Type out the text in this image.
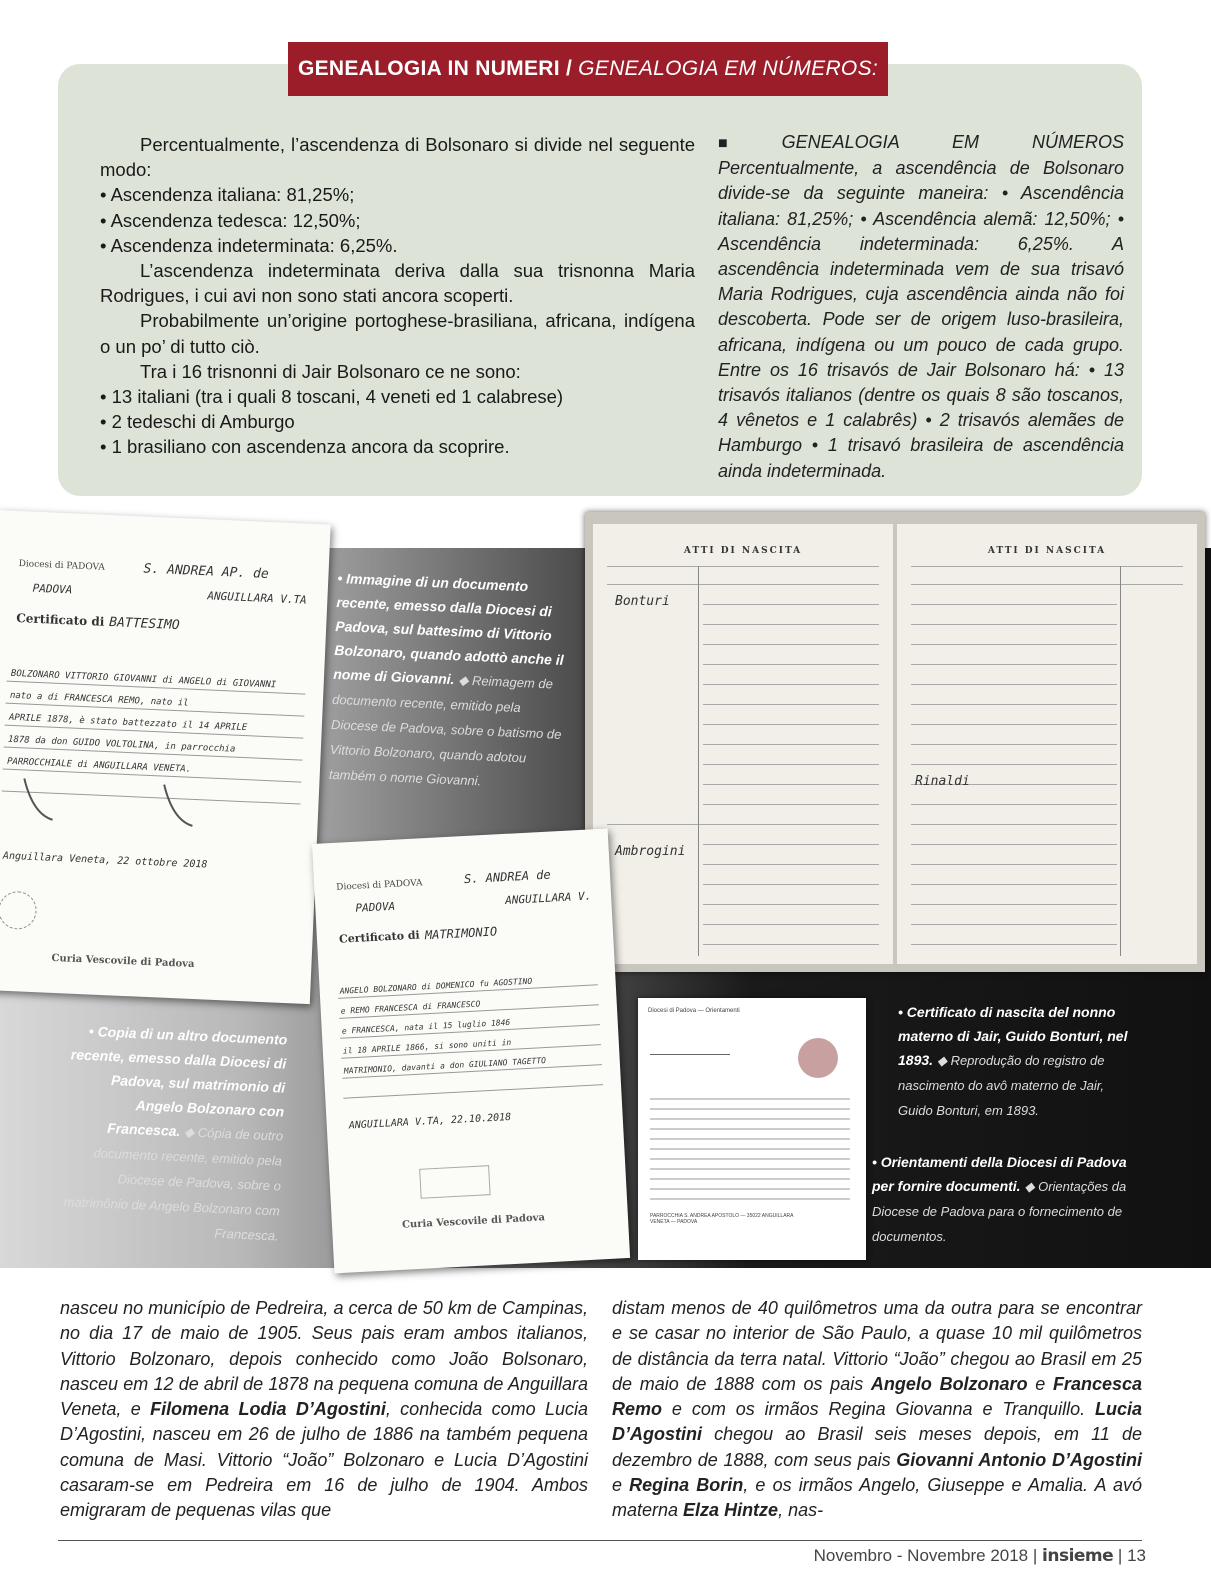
GENEALOGIA IN NUMERI / GENEALOGIA EM NÚMEROS:

Percentualmente, l’ascendenza di Bolsonaro si divide nel seguente modo:

• Ascendenza italiana: 81,25%;

• Ascendenza tedesca: 12,50%;

• Ascendenza indeterminata: 6,25%.

L’ascendenza indeterminata deriva dalla sua trisnonna Maria Rodrigues, i cui avi non sono stati ancora scoperti.

Probabilmente un’origine portoghese-brasiliana, africana, indígena o un po’ di tutto ciò.

Tra i 16 trisnonni di Jair Bolsonaro ce ne sono:

• 13 italiani (tra i quali 8 toscani, 4 veneti ed 1 calabrese)

• 2 tedeschi di Amburgo

• 1 brasiliano con ascendenza ancora da scoprire.

■ GENEALOGIA EM NÚMEROS Percentualmente, a ascendência de Bolsonaro divide-se da seguinte maneira: • Ascendência italiana: 81,25%; • Ascendência alemã: 12,50%; • Ascendência indeterminada: 6,25%. A ascendência indeterminada vem de sua trisavó Maria Rodrigues, cuja ascendência ainda não foi descoberta. Pode ser de origem luso-brasileira, africana, indígena ou um pouco de cada grupo. Entre os 16 trisavós de Jair Bolsonaro há: • 13 trisavós italianos (dentre os quais 8 são toscanos, 4 vênetos e 1 calabrês) • 2 trisavós alemães de Hamburgo • 1 trisavó brasileira de ascendência ainda indeterminada.
ATTI DI NASCITA
Bonturi
Ambrogini
ATTI DI NASCITA
Rinaldi
Diocesi di PADOVA	S. ANDREA AP. de
PADOVA
ANGUILLARA V.TA
Certificato di BATTESIMO
BOLZONARO VITTORIO GIOVANNI di ANGELO di GIOVANNI
nato a di FRANCESCA REMO, nato il
APRILE 1878, è stato battezzato il 14 APRILE
1878 da don GUIDO VOLTOLINA, in parrocchia
PARROCCHIALE di ANGUILLARA VENETA.
Anguillara Veneta, 22 ottobre 2018
Curia Vescovile di Padova
Diocesi di PADOVA	S. ANDREA de
PADOVA
ANGUILLARA V.
Certificato di MATRIMONIO
ANGELO BOLZONARO di DOMENICO fu AGOSTINO
e REMO FRANCESCA di FRANCESCO
e FRANCESCA, nata il 15 luglio 1846
il 18 APRILE 1866, si sono uniti in
MATRIMONIO, davanti a don GIULIANO TAGETTO
ANGUILLARA V.TA, 22.10.2018
Curia Vescovile di Padova
Diocesi di Padova — Orientamenti
PARROCCHIA S. ANDREA APOSTOLO — 35022 ANGUILLARA VENETA — PADOVA
• Immagine di un documento recente, emesso dalla Diocesi di Padova, sul battesimo di Vittorio Bolzonaro, quando adottò anche il nome di Giovanni. ◆ Reimagem de documento recente, emitido pela Diocese de Padova, sobre o batismo de Vittorio Bolzonaro, quando adotou também o nome Giovanni.
• Copia di un altro documento recente, emesso dalla Diocesi di Padova, sul matrimonio di Angelo Bolzonaro con Francesca. ◆ Cópia de outro documento recente, emitido pela Diocese de Padova, sobre o matrimônio de Angelo Bolzonaro com Francesca.
• Certificato di nascita del nonno materno di Jair, Guido Bonturi, nel 1893. ◆ Reprodução do registro de nascimento do avô materno de Jair, Guido Bonturi, em 1893.
• Orientamenti della Diocesi di Padova per fornire documenti. ◆ Orientações da Diocese de Padova para o fornecimento de documentos.
nasceu no município de Pedreira, a cerca de 50 km de Campinas, no dia 17 de maio de 1905. Seus pais eram ambos italianos, Vittorio Bolzonaro, depois conhecido como João Bolsonaro, nasceu em 12 de abril de 1878 na pequena comuna de Anguillara Veneta, e Filomena Lodia D’Agostini, conhecida como Lucia D’Agostini, nasceu em 26 de julho de 1886 na também pequena comuna de Masi. Vittorio “João” Bolzonaro e Lucia D’Agostini casaram-se em Pedreira em 16 de julho de 1904. Ambos emigraram de pequenas vilas que
distam menos de 40 quilômetros uma da outra para se encontrar e se casar no interior de São Paulo, a quase 10 mil quilômetros de distância da terra natal. Vittorio “João” chegou ao Brasil em 25 de maio de 1888 com os pais Angelo Bolzonaro e Francesca Remo e com os irmãos Regina Giovanna e Tranquillo. Lucia D’Agostini chegou ao Brasil seis meses depois, em 11 de dezembro de 1888, com seus pais Giovanni Antonio D’Agostini e Regina Borin, e os irmãos Angelo, Giuseppe e Amalia. A avó materna Elza Hintze, nas-
Novembro - Novembre 2018 | insieme | 13
